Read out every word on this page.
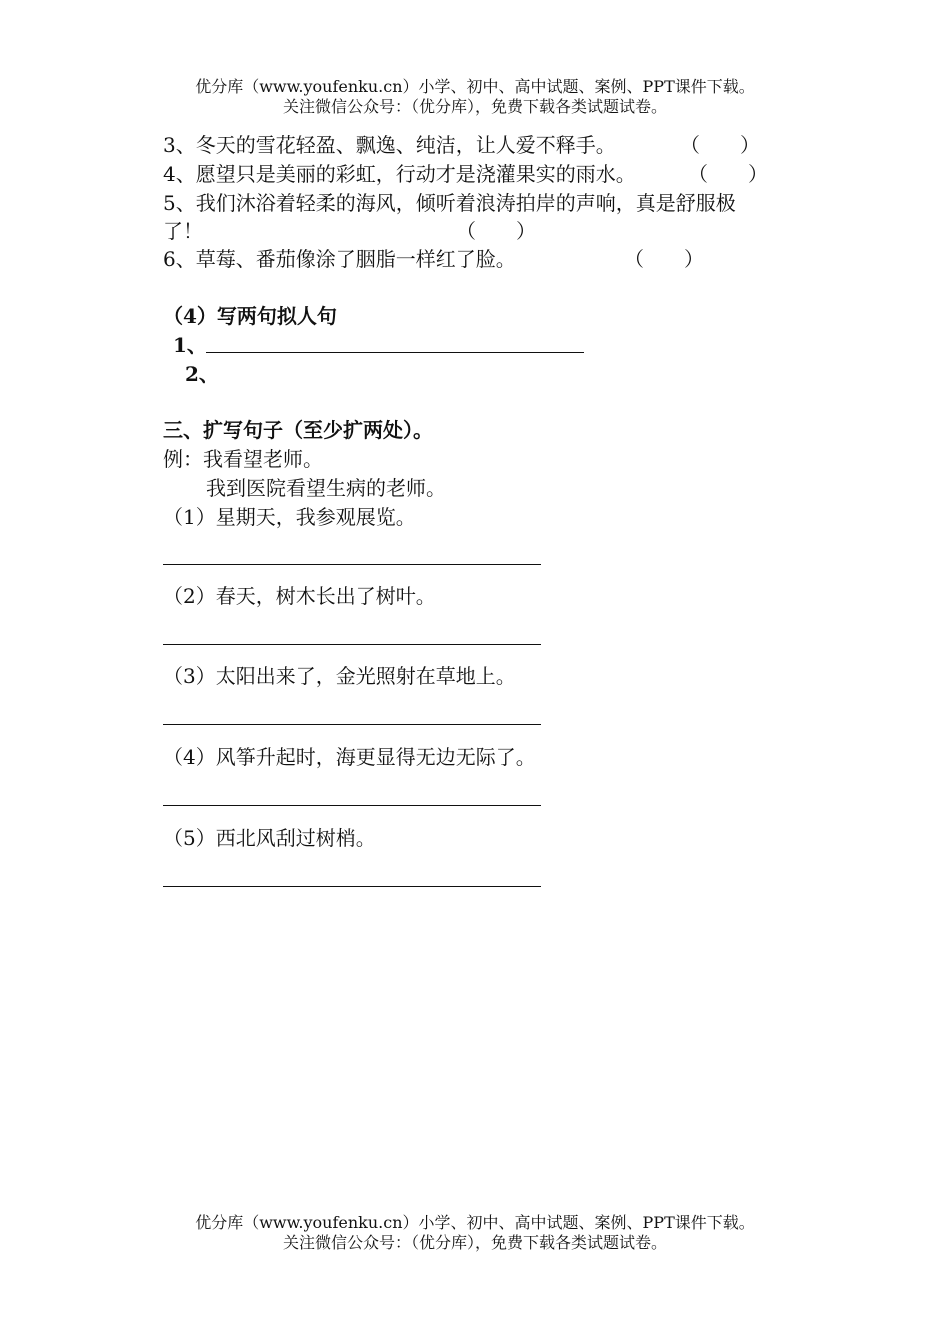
优分库（www.youfenku.cn）小学、初中、高中试题、案例、PPT课件下载。
关注微信公众号：（优分库），免费下载各类试题试卷。
3、冬天的雪花轻盈、飘逸、纯洁，让人爱不释手。	（　　）
4、愿望只是美丽的彩虹，行动才是浇灌果实的雨水。	（　　）
5、我们沐浴着轻柔的海风，倾听着浪涛拍岸的声响，真是舒服极
了！	（　　）
6、草莓、番茄像涂了胭脂一样红了脸。	（　　）
（4）写两句拟人句
1、
2、
三、扩写句子（至少扩两处）。
例：我看望老师。
我到医院看望生病的老师。
（1）星期天，我参观展览。
（2）春天，树木长出了树叶。
（3）太阳出来了，金光照射在草地上。
（4）风筝升起时，海更显得无边无际了。
（5）西北风刮过树梢。
优分库（www.youfenku.cn）小学、初中、高中试题、案例、PPT课件下载。
关注微信公众号：（优分库），免费下载各类试题试卷。
